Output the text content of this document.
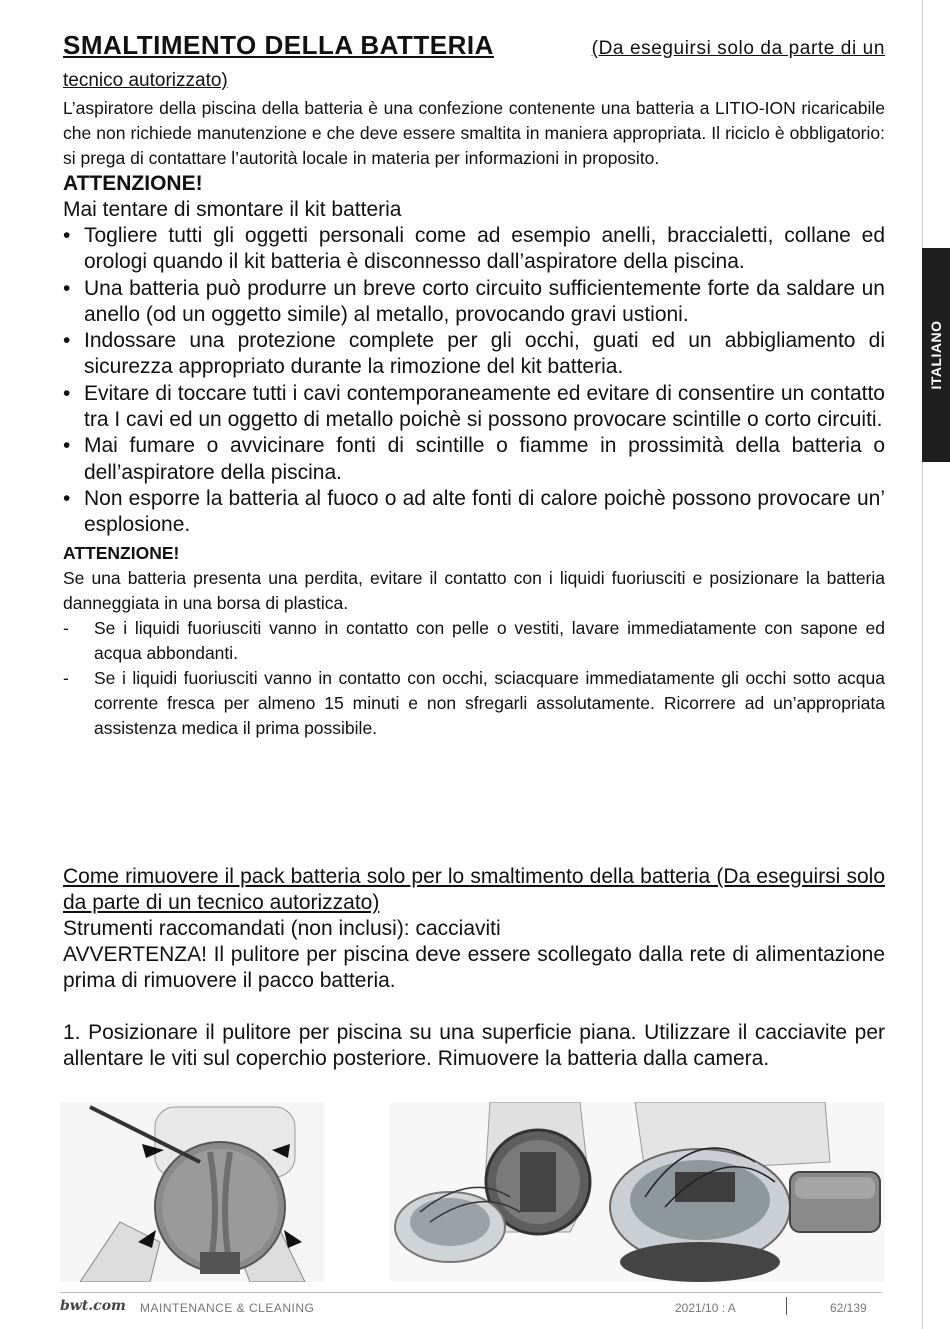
ITALIANO
SMALTIMENTO DELLA BATTERIA	(Da eseguirsi solo da parte di un
tecnico autorizzato)

L’aspiratore della piscina della batteria è una confezione contenente una batteria a LITIO-ION ricaricabile che non richiede manutenzione e che deve essere smaltita in maniera appropriata. Il riciclo è obbligatorio: si prega di contattare l’autorità locale in materia per informazioni in proposito.

ATTENZIONE!

Mai tentare di smontare il kit batteria

• Togliere tutti gli oggetti personali come ad esempio anelli, braccialetti, collane ed orologi quando il kit batteria è disconnesso dall’aspiratore della piscina.
• Una batteria può produrre un breve corto circuito sufficientemente forte da saldare un anello (od un oggetto simile) al metallo, provocando gravi ustioni.
• Indossare una protezione complete per gli occhi, guati ed un abbigliamento di sicurezza appropriato durante la rimozione del kit batteria.
• Evitare di toccare tutti i cavi contemporaneamente ed evitare di consentire un contatto tra I cavi ed un oggetto di metallo poichè si possono provocare scintille o corto circuiti.
• Mai fumare o avvicinare fonti di scintille o fiamme in prossimità della batteria o dell’aspiratore della piscina.
• Non esporre la batteria al fuoco o ad alte fonti di calore poichè possono provocare un’ esplosione.

ATTENZIONE!

Se una batteria presenta una perdita, evitare il contatto con i liquidi fuoriusciti e posizionare la batteria danneggiata in una borsa di plastica.

- Se i liquidi fuoriusciti vanno in contatto con pelle o vestiti, lavare immediatamente con sapone ed acqua abbondanti.
- Se i liquidi fuoriusciti vanno in contatto con occhi, sciacquare immediatamente gli occhi sotto acqua corrente fresca per almeno 15 minuti e non sfregarli assolutamente. Ricorrere ad un’appropriata assistenza medica il prima possibile.

Come rimuovere il pack batteria solo per lo smaltimento della batteria (Da eseguirsi solo da parte di un tecnico autorizzato)

Strumenti raccomandati (non inclusi): cacciaviti

AVVERTENZA! Il pulitore per piscina deve essere scollegato dalla rete di alimentazione prima di rimuovere il pacco batteria.

1. Posizionare il pulitore per piscina su una superficie piana. Utilizzare il cacciavite per allentare le viti sul coperchio posteriore. Rimuovere la batteria dalla camera.

bwt.com MAINTENANCE & CLEANING	2021/10 : A	62/139
